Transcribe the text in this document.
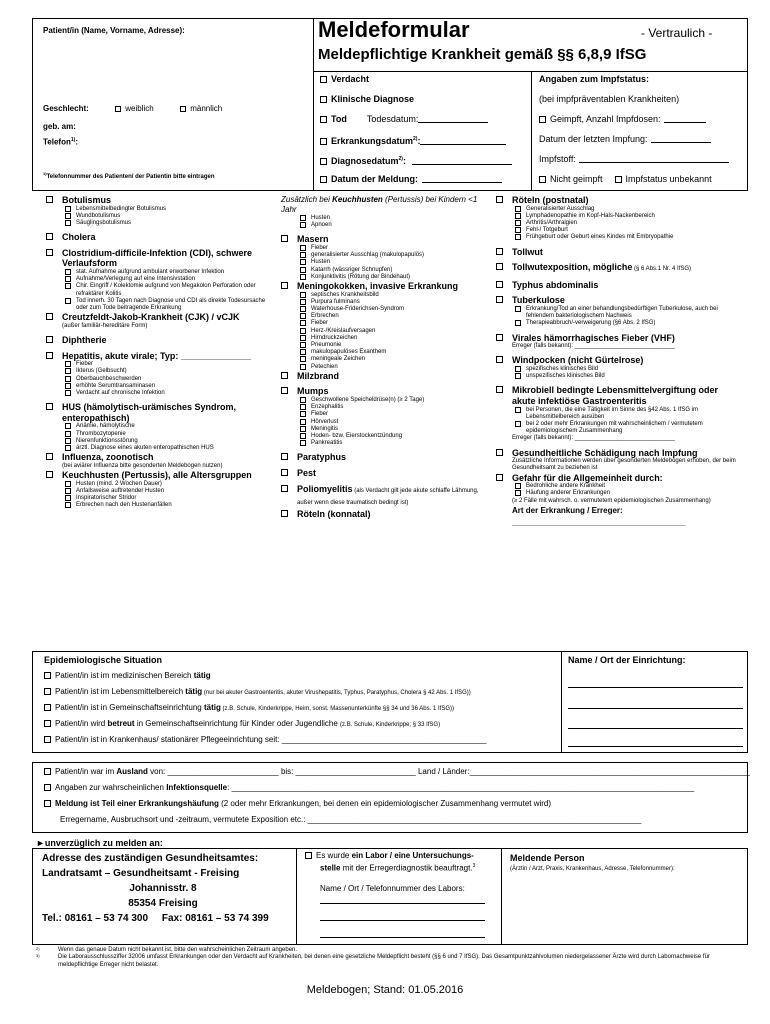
Patient/in (Name, Vorname, Adresse):
Geschlecht:	weiblich	männlich
geb. am:
Telefon$^{1)}$:
$^{1)}$Telefonnummer des Patienten/ der Patientin bitte eintragen
Meldeformular	- Vertraulich -
Meldepflichtige Krankheit gemäß §§ 6,8,9 IfSG
Verdacht
Klinische Diagnose
Tod Todesdatum:
Erkrankungsdatum$^{2)}$:
Diagnosedatum$^{2)}$:
Datum der Meldung:
Angaben zum Impfstatus:
(bei impfpräventablen Krankheiten)
Geimpft, Anzahl Impfdosen:
Datum der letzten Impfung:
Impfstoff:
Nicht geimpft	Impfstatus unbekannt
Botulismus
Lebensmittelbedingter Botulismus
Wundbotulismus
Säuglingsbotulismus
Cholera
Clostridium-difficile-Infektion (CDI), schwere Verlaufsform
stat. Aufnahme aufgrund ambulant erworbener Infektion
Aufnahme/Verlegung auf eine Intensivstation
Chir. Eingriff / Kolektomie aufgrund von Megakolon Perforation oder refraktärer Kolitis
Tod innerh. 30 Tagen nach Diagnose und CDI als direkte Todesursache oder zum Tode beitragende Erkrankung
Creutzfeldt-Jakob-Krankheit (CJK) / vCJK
(außer familiär-hereditäre Form)
Diphtherie
Hepatitis, akute virale; Typ: ______________
Fieber
Ikterus (Gelbsucht)
Oberbauchbeschwerden
erhöhte Serumtransaminasen
Verdacht auf chronische Infektion
HUS (hämolytisch-urämisches Syndrom, enteropathisch)
Anämie, hämolytische
Thrombozytopenie
Nierenfunktionsstörung
ärztl. Diagnose eines akuten enteropathischen HUS
Influenza, zoonotisch
(bei aviärer Influenza bitte gesonderten Meldebogen nutzen)
Keuchhusten (Pertussis), alle Altersgruppen
Husten (mind. 2 Wochen Dauer)
Anfallsweise auftretender Husten
Inspiratorischer Stridor
Erbrechen nach den Hustenanfällen
Zusätzlich bei Keuchhusten (Pertussis) bei Kindern <1 Jahr
Husten
Apnoen
Masern
Fieber
generalisierter Ausschlag (makulopapulös)
Husten
Katarrh (wässriger Schnupfen)
Konjunktivitis (Rötung der Bindehaut)
Meningokokken, invasive Erkrankung
septisches Krankheitsbild
Purpura fulminans
Waterhouse-Friderichsen-Syndrom
Erbrechen
Fieber
Herz-/Kreislaufversagen
Hirndruckzeichen
Pneumonie
makulopapulöses Exanthem
meningeale Zeichen
Petechien
Milzbrand
Mumps
Geschwollene Speicheldrüse(n) (≥ 2 Tage)
Enzephalitis
Fieber
Hörverlust
Meningitis
Hoden- bzw. Eierstockentzündung
Pankreatitis
Paratyphus
Pest
Poliomyelitis (als Verdacht gilt jede akute schlaffe Lähmung, außer wenn diese traumatisch bedingt ist)
Röteln (konnatal)
Röteln (postnatal)
Generalisierter Ausschlag
Lymphadenopathie im Kopf-Hals-Nackenbereich
Arthritis/Arthralgien
Fehl-/ Totgeburt
Frühgeburt oder Geburt eines Kindes mit Embryopathie
Tollwut
Tollwutexposition, mögliche (§ 6 Abs.1 Nr. 4 IfSG)
Typhus abdominalis
Tuberkulose
Erkrankung/Tod an einer behandlungsbedürftigen Tuberkulose, auch bei fehlendem bakteriologischem Nachweis
Therapieabbruch/-verweigerung (§6 Abs. 2 IfSG)
Virales hämorrhagisches Fieber (VHF)
Erreger (falls bekannt): ______________________________
Windpocken (nicht Gürtelrose)
spezifisches klinisches Bild
unspezifisches klinisches Bild
Mikrobiell bedingte Lebensmittelvergiftung oder akute infektiöse Gastroenteritis
bei Personen, die eine Tätigkeit im Sinne des §42 Abs. 1 IfSG im Lebensmittelbereich ausüben
bei 2 oder mehr Erkrankungen mit wahrscheinlichem / vermutetem epidemiologischem Zusammenhang
Erreger (falls bekannt): ______________________________
Gesundheitliche Schädigung nach Impfung
Zusätzliche Informationen werden über gesonderten Meldebogen erhoben, der beim Gesundheitsamt zu beziehen ist
Gefahr für die Allgemeinheit durch:
Bedrohliche andere Krankheit
Häufung anderer Erkrankungen
(≥ 2 Fälle mit wahrsch. o. vermutetem epidemiologischen Zusammenhang)
Art der Erkrankung / Erreger:
_______________________________________
Epidemiologische Situation
Patient/in ist im medizinischen Bereich tätig
Patient/in ist im Lebensmittelbereich tätig (nur bei akuter Gastroenteritis, akuter Virushepatitis, Typhus, Paratyphus, Cholera § 42 Abs. 1 IfSG))
Patient/in ist in Gemeinschaftseinrichtung tätig (z.B. Schule, Kinderkrippe, Heim, sonst. Massenunterkünfte §§ 34 und 36 Abs. 1 IfSG))
Patient/in wird betreut in Gemeinschaftseinrichtung für Kinder oder Jugendliche (z.B. Schule, Kinderkrippe; § 33 IfSG)
Patient/in ist in Krankenhaus/ stationärer Pflegeeinrichtung seit: ______________________________________________
Name / Ort der Einrichtung:
Patient/in war im Ausland von: _________________________ bis: ___________________________ Land / Länder:_______________________________________________________________
Angaben zur wahrscheinlichen Infektionsquelle: ________________________________________________________________________________________________________
Meldung ist Teil einer Erkrankungshäufung (2 oder mehr Erkrankungen, bei denen ein epidemiologischer Zusammenhang vermutet wird)
Erregername, Ausbruchsort und -zeitraum, vermutete Exposition etc.: ___________________________________________________________________________
►unverzüglich zu melden an:
Adresse des zuständigen Gesundheitsamtes:
Landratsamt – Gesundheitsamt - Freising
Johannisstr. 8
85354 Freising
Tel.: 08161 – 53 74 300     Fax: 08161 – 53 74 399
Es wurde ein Labor / eine Untersuchungs-
stelle mit der Erregerdiagnostik beauftragt.$^3$
Name / Ort / Telefonnummer des Labors:
Meldende Person
(Ärztin / Arzt, Praxis, Krankenhaus, Adresse, Telefonnummer):
2)	Wenn das genaue Datum nicht bekannt ist, bitte den wahrscheinlichen Zeitraum angeben.
3)	Die Laborausschlussziffer 32006 umfasst Erkrankungen oder den Verdacht auf Krankheiten, bei denen eine gesetzliche Meldepflicht besteht (§§ 6 und 7 IfSG). Das Gesamtpunktzahlvolumen niedergelassener Ärzte wird durch Labornachweise für meldepflichtige Erreger nicht belastet.
Meldebogen; Stand: 01.05.2016
